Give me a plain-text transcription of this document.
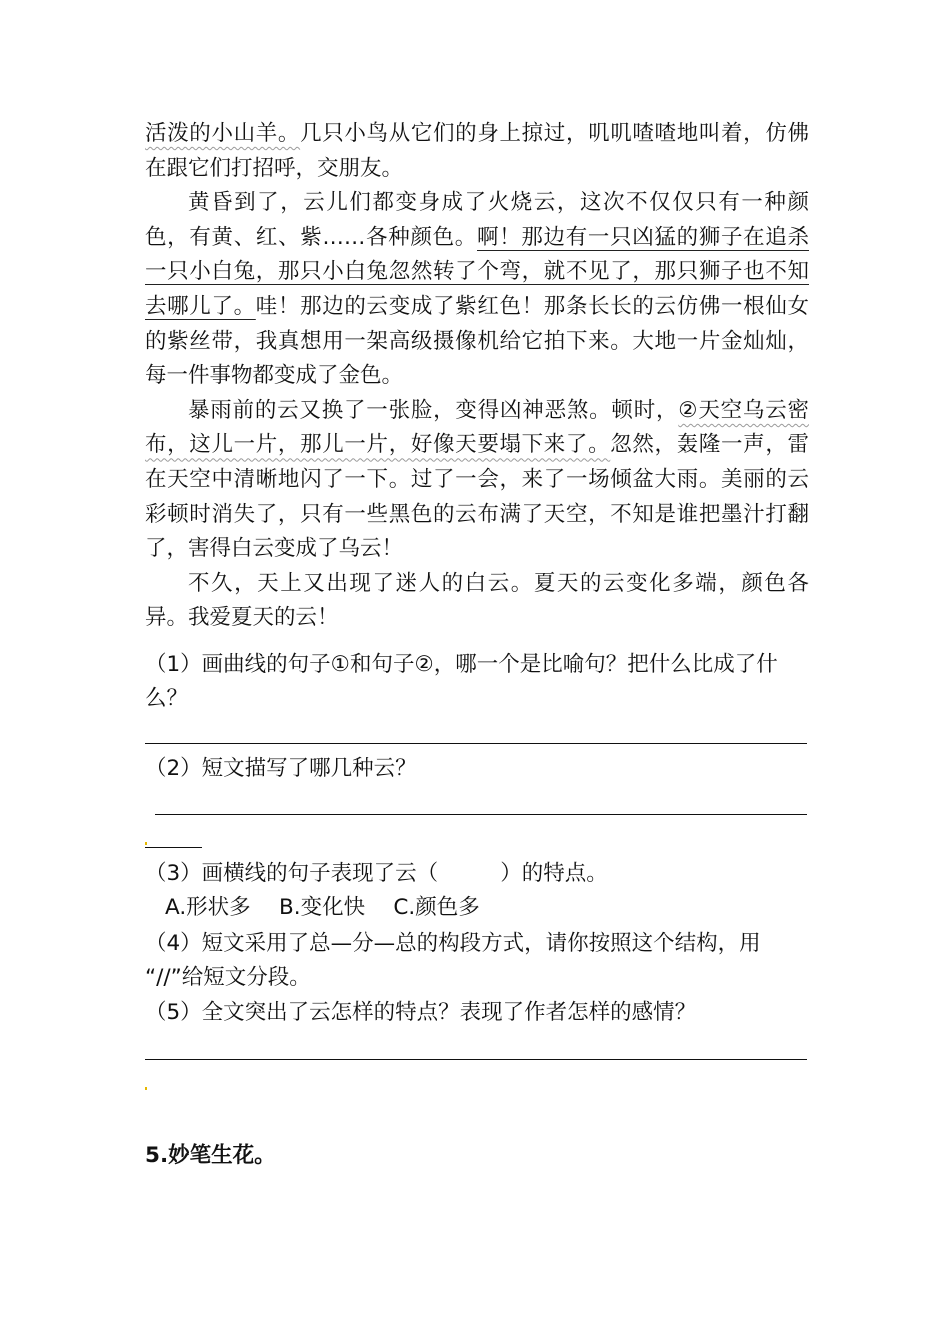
活泼的小山羊。几只小鸟从它们的身上掠过，叽叽喳喳地叫着，仿佛在跟它们打招呼，交朋友。

黄昏到了，云儿们都变身成了火烧云，这次不仅仅只有一种颜色，有黄、红、紫……各种颜色。啊！那边有一只凶猛的狮子在追杀一只小白兔，那只小白兔忽然转了个弯，就不见了，那只狮子也不知去哪儿了。哇！那边的云变成了紫红色！那条长长的云仿佛一根仙女的紫丝带，我真想用一架高级摄像机给它拍下来。大地一片金灿灿，每一件事物都变成了金色。

暴雨前的云又换了一张脸，变得凶神恶煞。顿时，②天空乌云密布，这儿一片，那儿一片，好像天要塌下来了。忽然，轰隆一声，雷在天空中清晰地闪了一下。过了一会，来了一场倾盆大雨。美丽的云彩顿时消失了，只有一些黑色的云布满了天空，不知是谁把墨汁打翻了，害得白云变成了乌云！

不久，天上又出现了迷人的白云。夏天的云变化多端，颜色各异。我爱夏天的云！

（1）画曲线的句子①和句子②，哪一个是比喻句？把什么比成了什
么？
（2）短文描写了哪几种云？
（3）画横线的句子表现了云（	）的特点。
A.形状多　 B.变化快　 C.颜色多
（4）短文采用了总—分—总的构段方式，请你按照这个结构，用
“//”给短文分段。
（5）全文突出了云怎样的特点？表现了作者怎样的感情？
5.妙笔生花。
